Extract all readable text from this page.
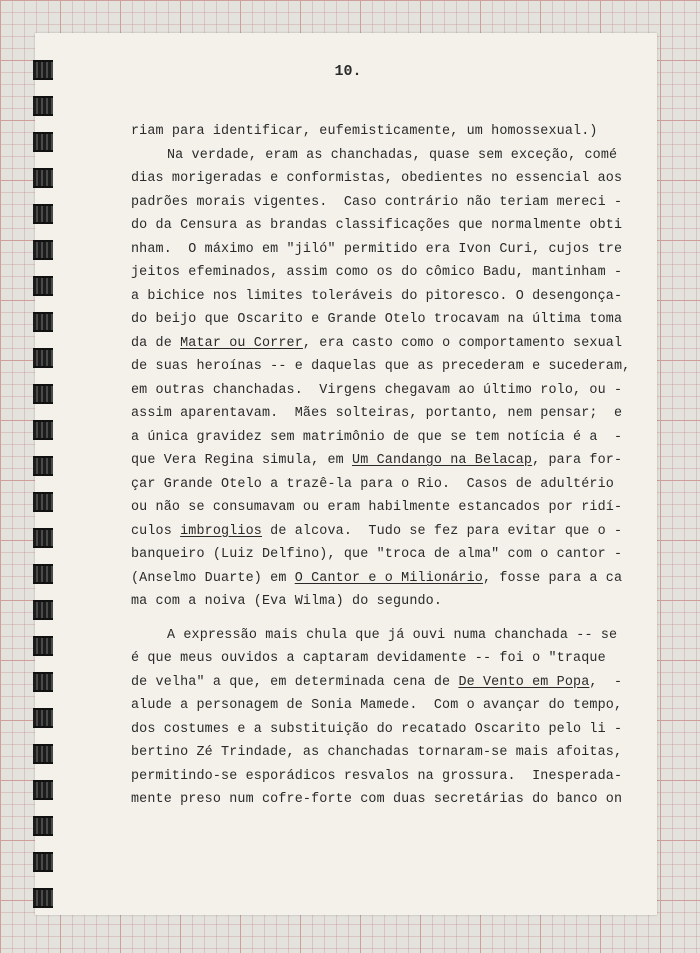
10.
riam para identificar, eufemisticamente, um homossexual.)
Na verdade, eram as chanchadas, quase sem exceção, comé
dias morigeradas e conformistas, obedientes no essencial aos
padrões morais vigentes.  Caso contrário não teriam mereci -
do da Censura as brandas classificações que normalmente obti
nham.  O máximo em "jiló" permitido era Ivon Curi, cujos tre
jeitos efeminados, assim como os do cômico Badu, mantinham -
a bichice nos limites toleráveis do pitoresco. O desengonça-
do beijo que Oscarito e Grande Otelo trocavam na última toma
da de Matar ou Correr, era casto como o comportamento sexual
de suas heroínas -- e daquelas que as precederam e sucederam,
em outras chanchadas.  Virgens chegavam ao último rolo, ou -
assim aparentavam.  Mães solteiras, portanto, nem pensar;  e
a única gravidez sem matrimônio de que se tem notícia é a  -
que Vera Regina simula, em Um Candango na Belacap, para for-
çar Grande Otelo a trazê-la para o Rio.  Casos de adultério
ou não se consumavam ou eram habilmente estancados por ridí-
culos imbroglios de alcova.  Tudo se fez para evitar que o -
banqueiro (Luiz Delfino), que "troca de alma" com o cantor -
(Anselmo Duarte) em O Cantor e o Milionário, fosse para a ca
ma com a noiva (Eva Wilma) do segundo.
A expressão mais chula que já ouvi numa chanchada -- se
é que meus ouvidos a captaram devidamente -- foi o "traque
de velha" a que, em determinada cena de De Vento em Popa
alude a personagem de Sonia Mamede.  Com o avançar do tempo,
dos costumes e a substituição do recatado Oscarito pelo li -
bertino Zé Trindade, as chanchadas tornaram-se mais afoitas,
permitindo-se esporádicos resvalos na grossura.  Inesperada-
mente preso num cofre-forte com duas secretárias do banco on
